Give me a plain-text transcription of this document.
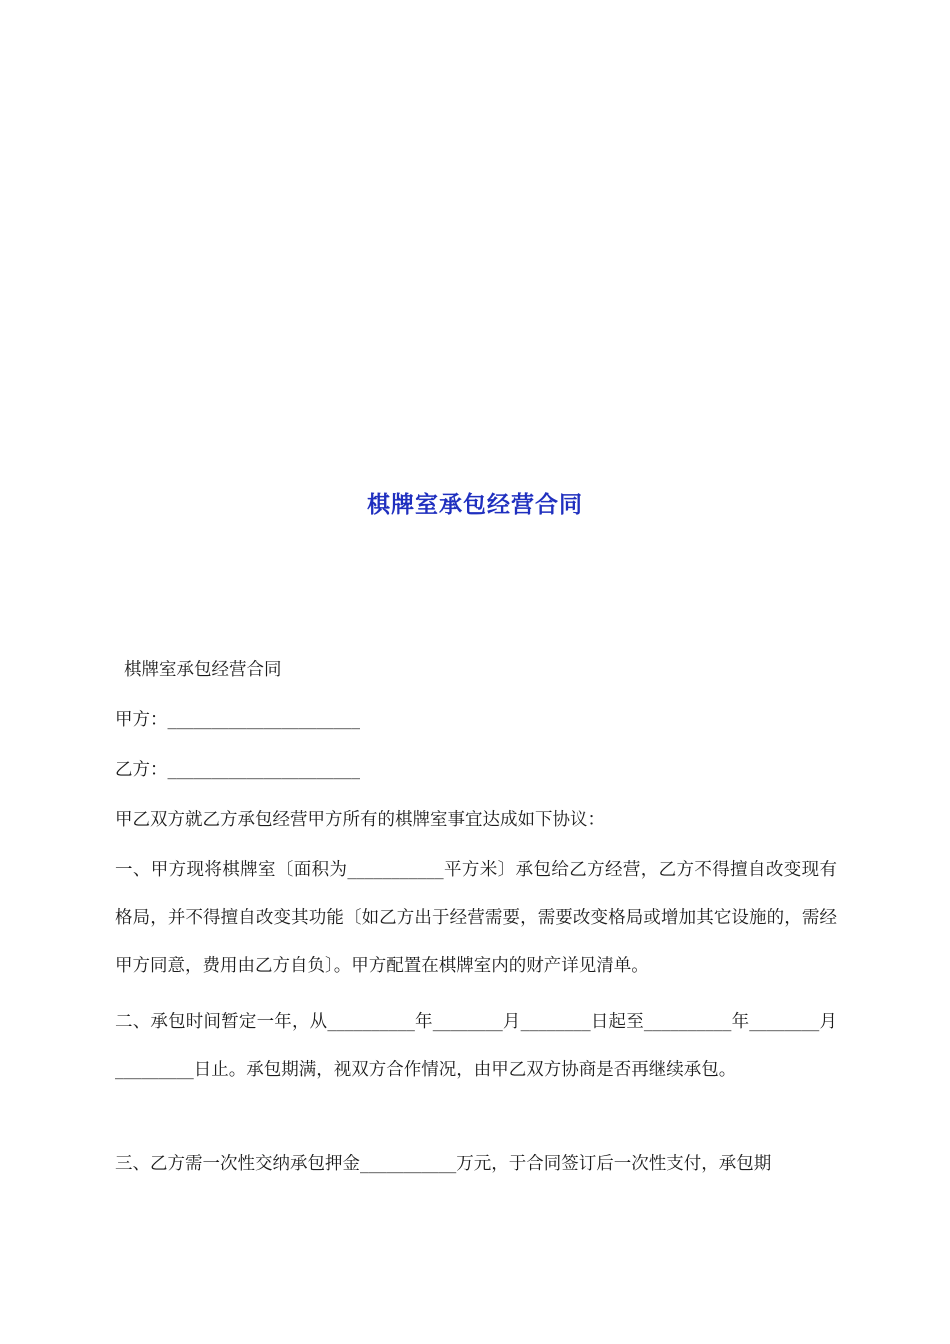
棋牌室承包经营合同

棋牌室承包经营合同

甲方：______________________

乙方：______________________

甲乙双方就乙方承包经营甲方所有的棋牌室事宜达成如下协议：

一、甲方现将棋牌室〔面积为___________平方米〕承包给乙方经营，乙方不得擅自改变现有格局，并不得擅自改变其功能〔如乙方出于经营需要，需要改变格局或增加其它设施的，需经甲方同意，费用由乙方自负〕。甲方配置在棋牌室内的财产详见清单。

二、承包时间暂定一年，从__________年________月________日起至__________年________月_________日止。承包期满，视双方合作情况，由甲乙双方协商是否再继续承包。

三、乙方需一次性交纳承包押金___________万元，于合同签订后一次性支付，承包期
